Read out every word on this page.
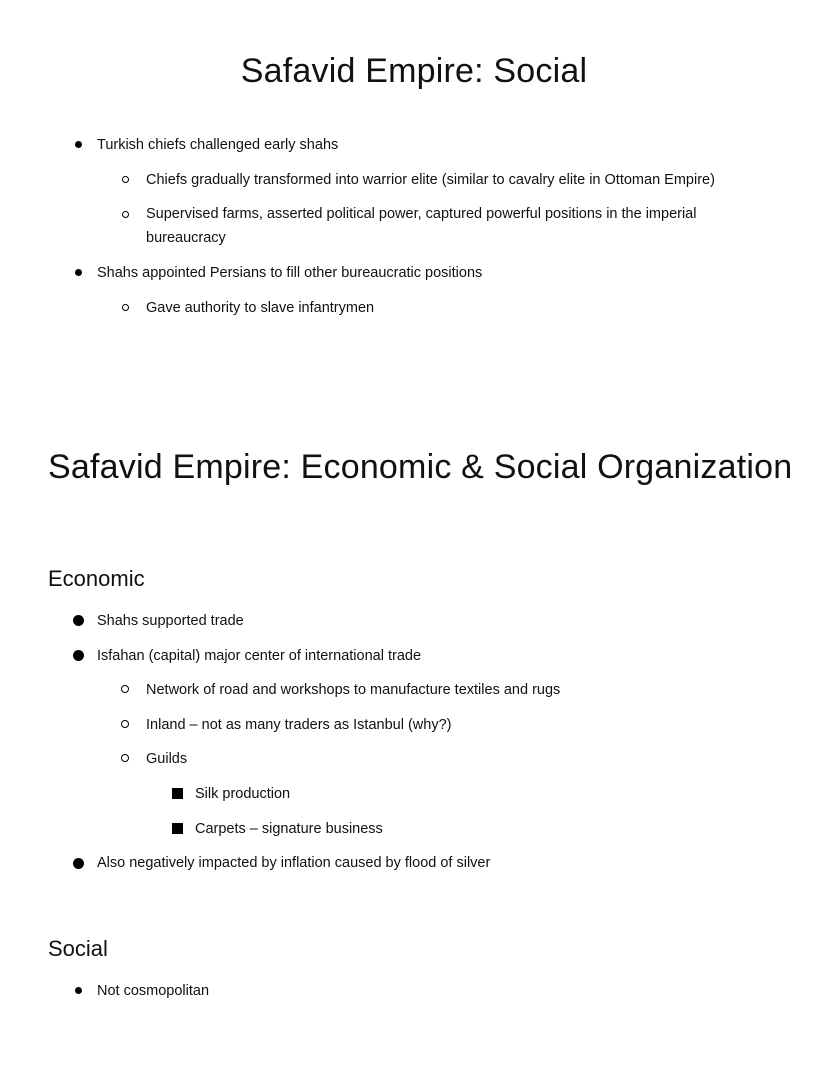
Safavid Empire: Social
Turkish chiefs challenged early shahs
Chiefs gradually transformed into warrior elite (similar to cavalry elite in Ottoman Empire)
Supervised farms, asserted political power, captured powerful positions in the imperial bureaucracy
Shahs appointed Persians to fill other bureaucratic positions
Gave authority to slave infantrymen
Safavid Empire: Economic & Social Organization
Economic
Shahs supported trade
Isfahan (capital) major center of international trade
Network of road and workshops to manufacture textiles and rugs
Inland – not as many traders as Istanbul (why?)
Guilds
Silk production
Carpets – signature business
Also negatively impacted by inflation caused by flood of silver
Social
Not cosmopolitan
